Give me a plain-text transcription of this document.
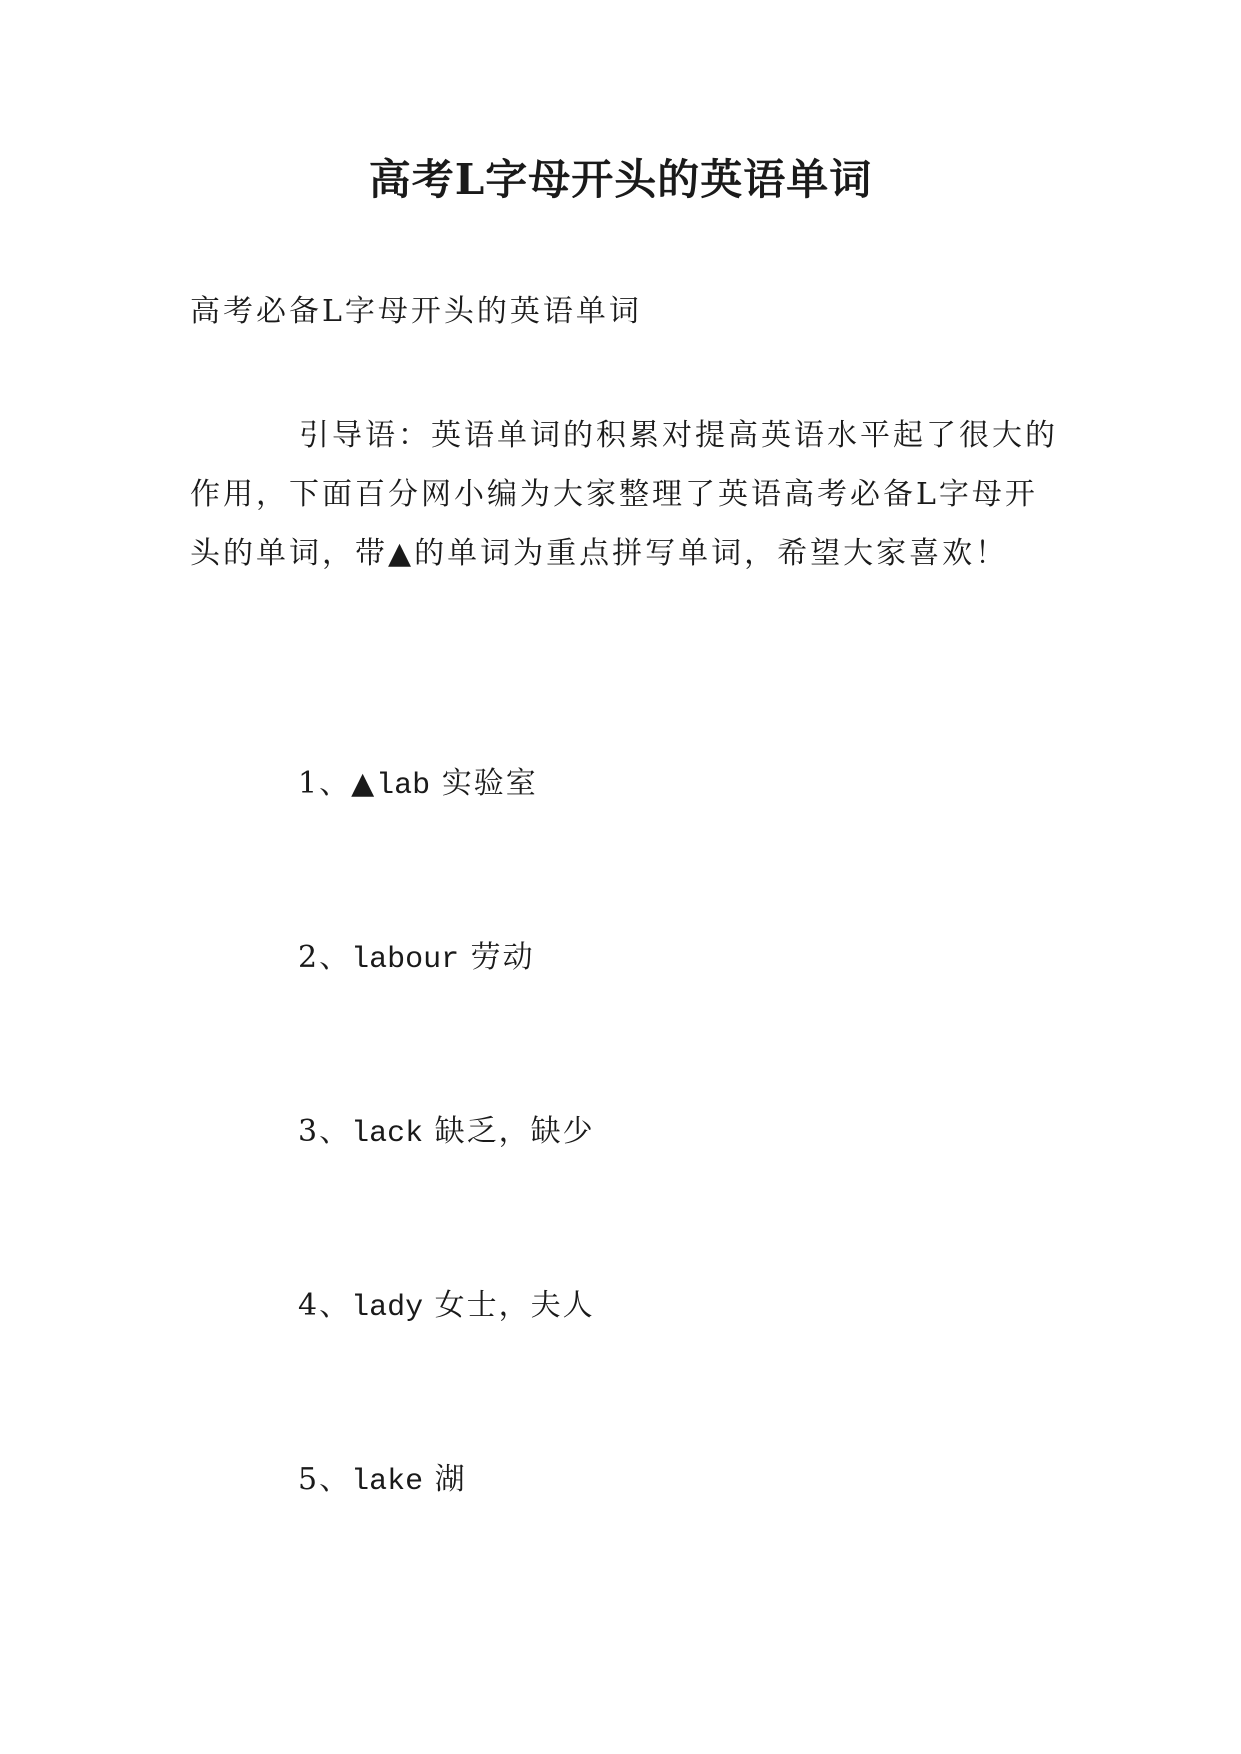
高考L字母开头的英语单词

高考必备L字母开头的英语单词

引导语：英语单词的积累对提高英语水平起了很大的作用，下面百分网小编为大家整理了英语高考必备L字母开头的单词，带▲的单词为重点拼写单词，希望大家喜欢！

1、▲lab 实验室
2、labour 劳动
3、lack 缺乏，缺少
4、lady 女士，夫人
5、lake 湖
